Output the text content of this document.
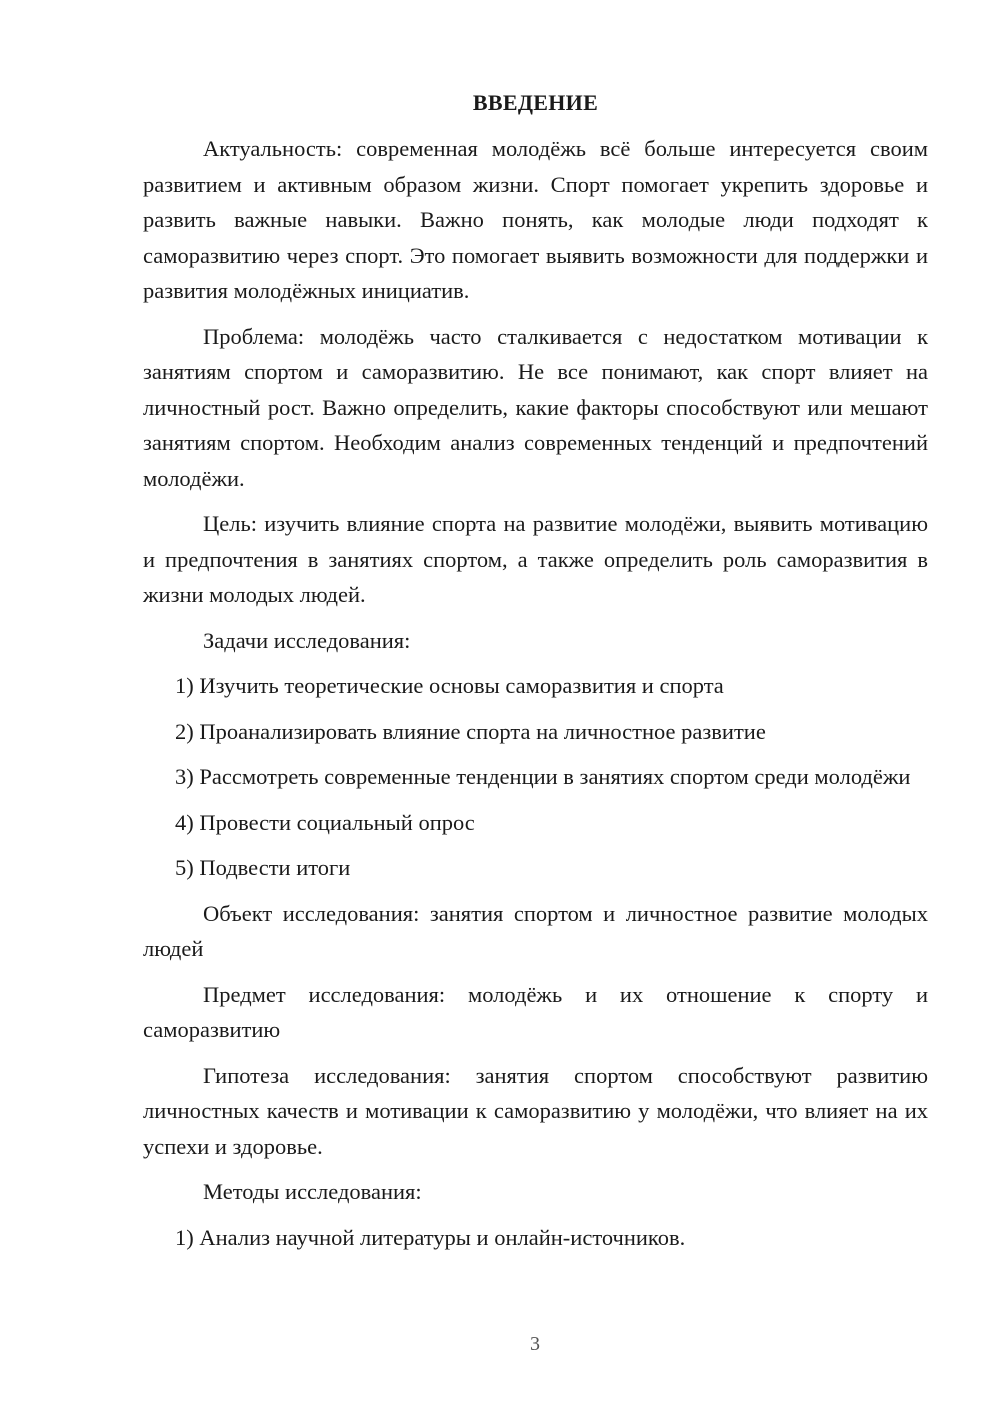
ВВЕДЕНИЕ

Актуальность: современная молодёжь всё больше интересуется своим развитием и активным образом жизни. Спорт помогает укрепить здоровье и развить важные навыки. Важно понять, как молодые люди подходят к саморазвитию через спорт. Это помогает выявить возможности для поддержки и развития молодёжных инициатив.

Проблема: молодёжь часто сталкивается с недостатком мотивации к занятиям спортом и саморазвитию. Не все понимают, как спорт влияет на личностный рост. Важно определить, какие факторы способствуют или мешают занятиям спортом. Необходим анализ современных тенденций и предпочтений молодёжи.

Цель: изучить влияние спорта на развитие молодёжи, выявить мотивацию и предпочтения в занятиях спортом, а также определить роль саморазвития в жизни молодых людей.

Задачи исследования:

1) Изучить теоретические основы саморазвития и спорта

2) Проанализировать влияние спорта на личностное развитие

3) Рассмотреть современные тенденции в занятиях спортом среди молодёжи

4) Провести социальный опрос

5) Подвести итоги

Объект исследования: занятия спортом и личностное развитие молодых людей

Предмет исследования: молодёжь и их отношение к спорту и саморазвитию

Гипотеза исследования: занятия спортом способствуют развитию личностных качеств и мотивации к саморазвитию у молодёжи, что влияет на их успехи и здоровье.

Методы исследования:

1) Анализ научной литературы и онлайн-источников.

3
